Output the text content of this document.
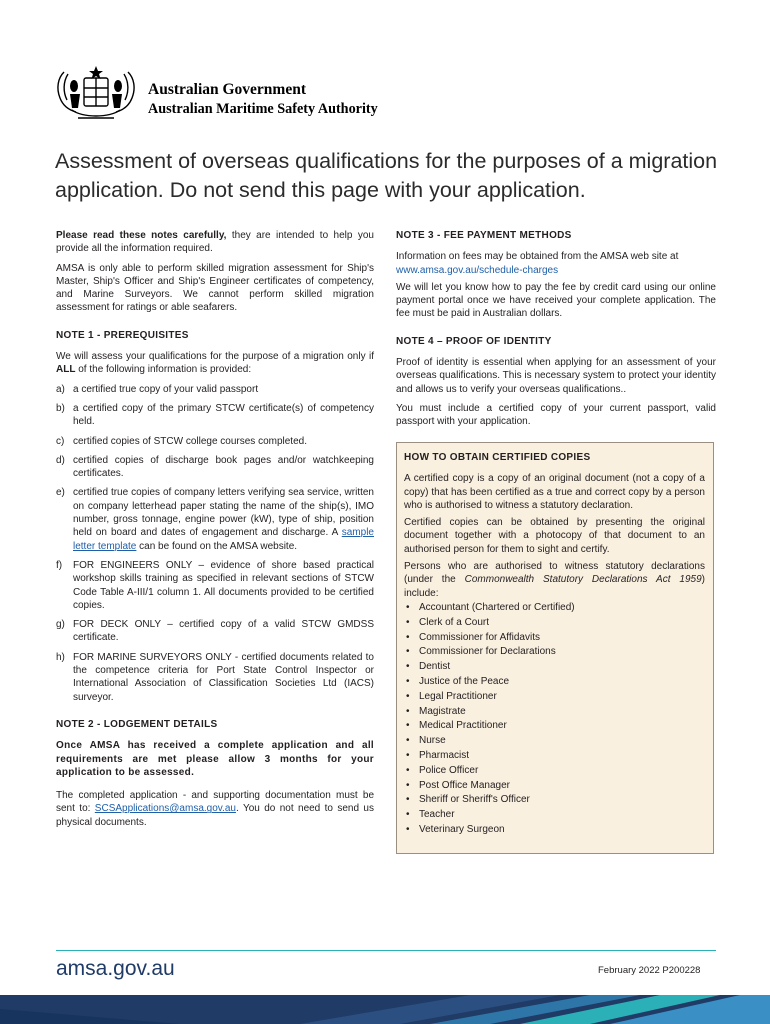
Australian Government
Australian Maritime Safety Authority
Assessment of overseas qualifications for the purposes of a migration application. Do not send this page with your application.

Please read these notes carefully, they are intended to help you provide all the information required.

AMSA is only able to perform skilled migration assessment for Ship's Master, Ship's Officer and Ship's Engineer certificates of competency, and Marine Surveyors. We cannot perform skilled migration assessment for ratings or able seafarers.

NOTE 1 - PREREQUISITES

We will assess your qualifications for the purpose of a migration only if ALL of the following information is provided:

a) a certified true copy of your valid passport
b) a certified copy of the primary STCW certificate(s) of competency held.
c) certified copies of STCW college courses completed.
d) certified copies of discharge book pages and/or watchkeeping certificates.
e) certified true copies of company letters verifying sea service, written on company letterhead paper stating the name of the ship(s), IMO number, gross tonnage, engine power (kW), type of ship, position held on board and dates of engagement and discharge. A sample letter template can be found on the AMSA website.
f) FOR ENGINEERS ONLY – evidence of shore based practical workshop skills training as specified in relevant sections of STCW Code Table A-III/1 column 1. All documents provided to be certified copies.
g) FOR DECK ONLY – certified copy of a valid STCW GMDSS certificate.
h) FOR MARINE SURVEYORS ONLY - certified documents related to the competence criteria for Port State Control Inspector or International Association of Classification Societies Ltd (IACS) surveyor.
NOTE 2 - LODGEMENT DETAILS

Once AMSA has received a complete application and all requirements are met please allow 3 months for your application to be assessed.

The completed application - and supporting documentation must be sent to: SCSApplications@amsa.gov.au. You do not need to send us physical documents.

NOTE 3 - FEE PAYMENT METHODS

Information on fees may be obtained from the AMSA web site at
www.amsa.gov.au/schedule-charges

We will let you know how to pay the fee by credit card using our online payment portal once we have received your complete application. The fee must be paid in Australian dollars.

NOTE 4 – PROOF OF IDENTITY

Proof of identity is essential when applying for an assessment of your overseas qualifications. This is necessary system to protect your identity and allows us to verify your overseas qualifications..

You must include a certified copy of your current passport, valid passport with your application.

HOW TO OBTAIN CERTIFIED COPIES

A certified copy is a copy of an original document (not a copy of a copy) that has been certified as a true and correct copy by a person who is authorised to witness a statutory declaration.

Certified copies can be obtained by presenting the original document together with a photocopy of that document to an authorised person for them to sight and certify.

Persons who are authorised to witness statutory declarations (under the Commonwealth Statutory Declarations Act 1959) include:

• Accountant (Chartered or Certified)
• Clerk of a Court
• Commissioner for Affidavits
• Commissioner for Declarations
• Dentist
• Justice of the Peace
• Legal Practitioner
• Magistrate
• Medical Practitioner
• Nurse
• Pharmacist
• Police Officer
• Post Office Manager
• Sheriff or Sheriff's Officer
• Teacher
• Veterinary Surgeon
amsa.gov.au	February 2022 P200228
